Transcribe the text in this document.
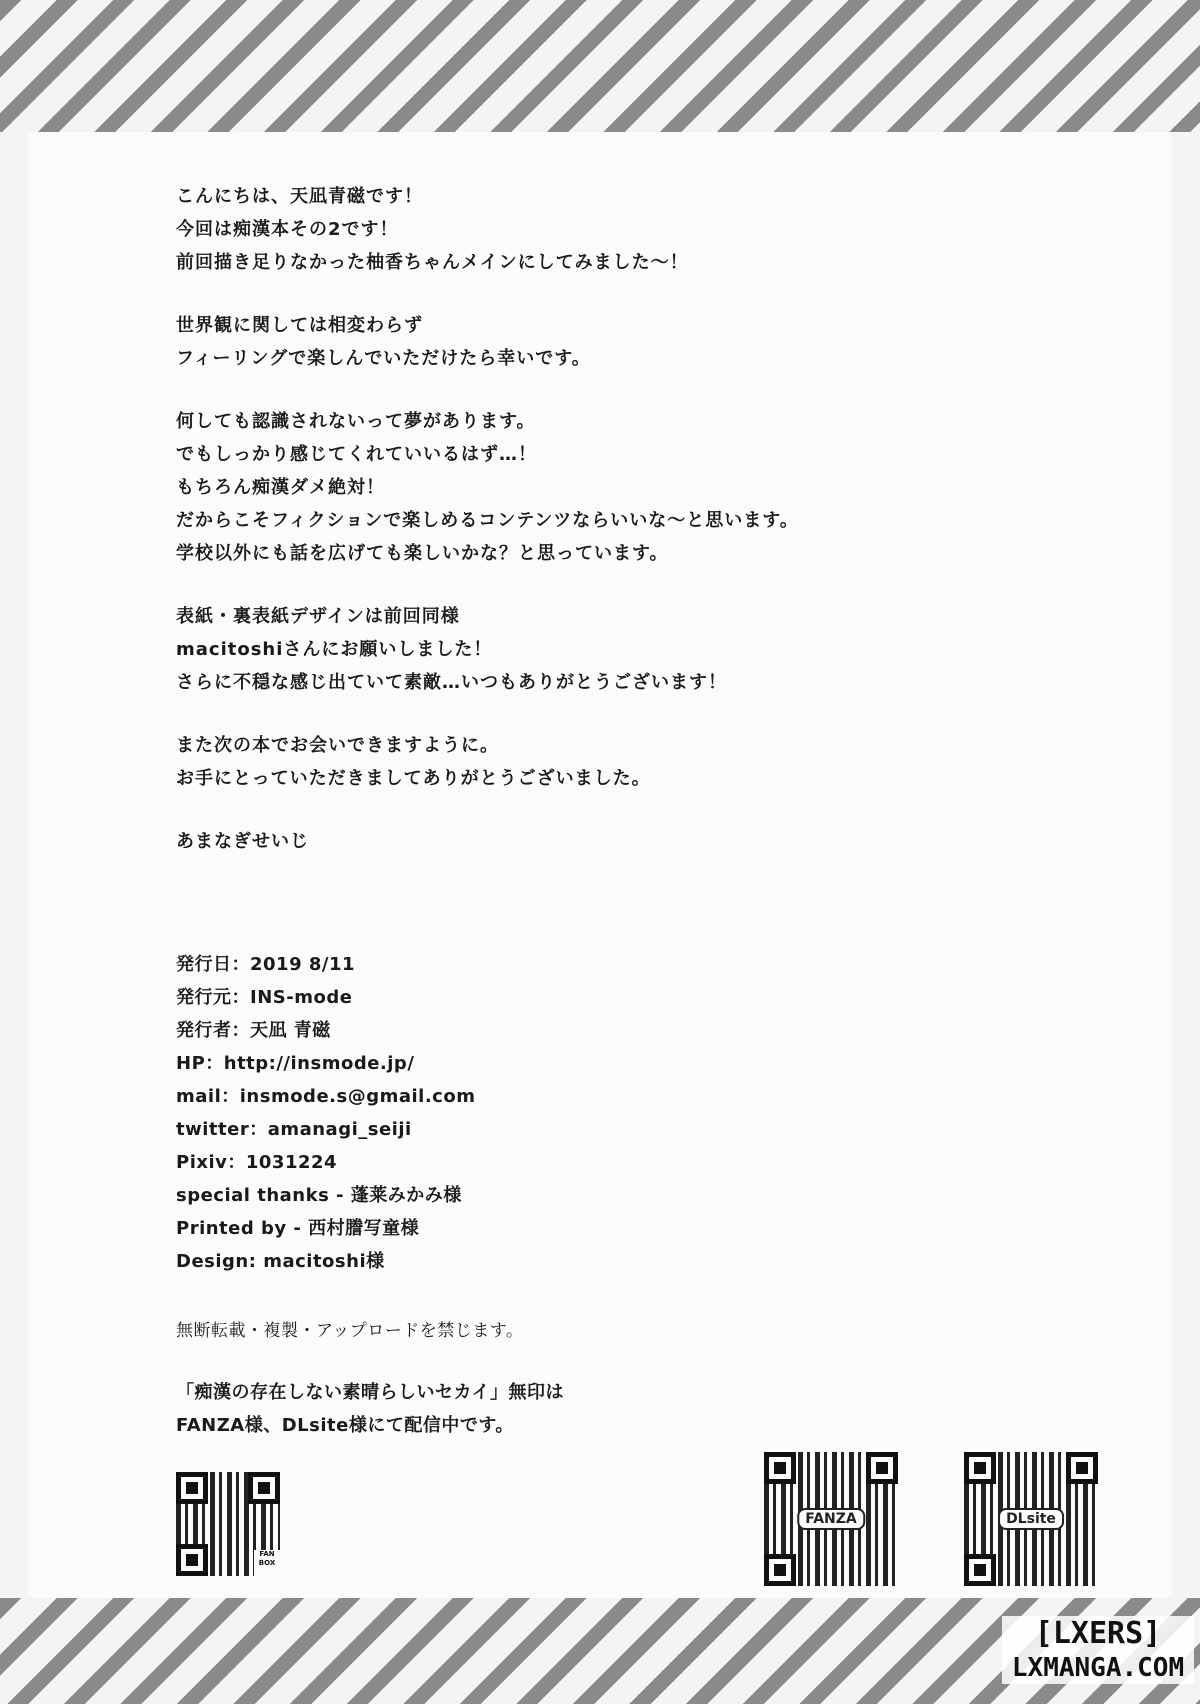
こんにちは、天凪青磁です！
今回は痴漢本その2です！
前回描き足りなかった柚香ちゃんメインにしてみました～！
世界観に関しては相変わらず
フィーリングで楽しんでいただけたら幸いです。
何しても認識されないって夢があります。
でもしっかり感じてくれていいるはず…！
もちろん痴漢ダメ絶対！
だからこそフィクションで楽しめるコンテンツならいいな～と思います。
学校以外にも話を広げても楽しいかな？と思っています。
表紙・裏表紙デザインは前回同様
macitoshiさんにお願いしました！
さらに不穏な感じ出ていて素敵…いつもありがとうございます！
また次の本でお会いできますように。
お手にとっていただきましてありがとうございました。
あまなぎせいじ
発行日：2019 8/11
発行元：INS-mode
発行者：天凪 青磁
HP：http://insmode.jp/
mail：insmode.s@gmail.com
twitter：amanagi_seiji
Pixiv：1031224
special thanks - 蓬莱みかみ様
Printed by - 西村謄写童様
Design: macitoshi様
無断転載・複製・アップロードを禁じます。
「痴漢の存在しない素晴らしいセカイ」無印は
FANZA様、DLsite様にて配信中です。
FAN
BOX
FANZA	DLsite
[LXERS]
LXMANGA.COM
